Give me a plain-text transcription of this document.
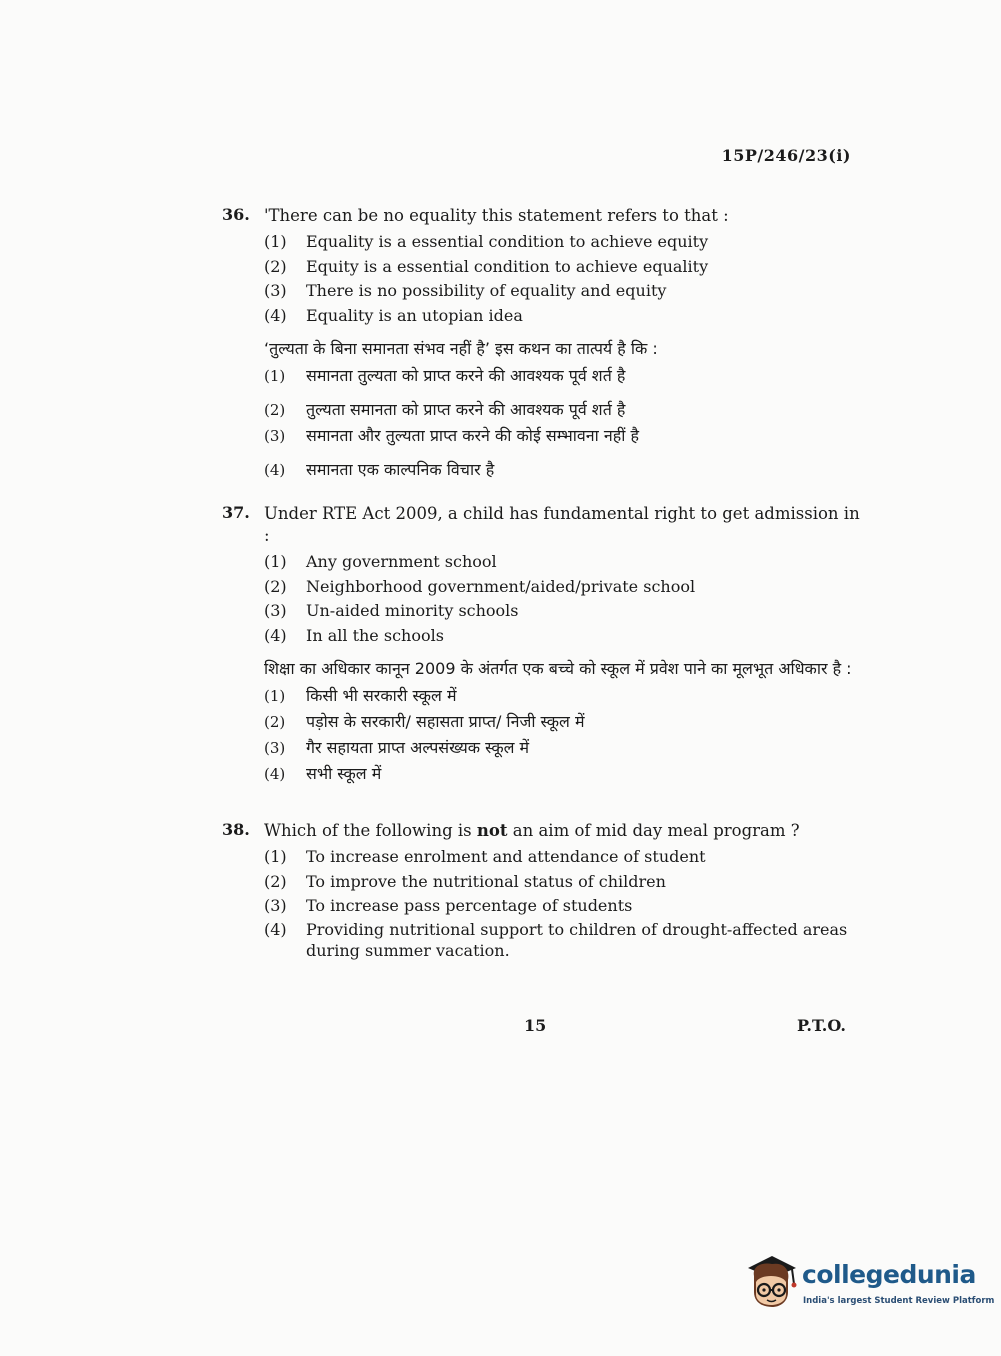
15P/246/23(i)
36. 'There can be no equality this statement refers to that :
(1)	Equality is a essential condition to achieve equity
(2)	Equity is a essential condition to achieve equality
(3)	There is no possibility of equality and equity
(4)	Equality is an utopian idea
‘तुल्यता के बिना समानता संभव नहीं है’ इस कथन का तात्पर्य है कि :
(1)	समानता तुल्यता को प्राप्त करने की आवश्यक पूर्व शर्त है
(2)	तुल्यता समानता को प्राप्त करने की आवश्यक पूर्व शर्त है
(3)	समानता और तुल्यता प्राप्त करने की कोई सम्भावना नहीं है
(4)	समानता एक काल्पनिक विचार है
37. Under RTE Act 2009, a child has fundamental right to get admission in :
(1)	Any government school
(2)	Neighborhood government/aided/private school
(3)	Un-aided minority schools
(4)	In all the schools
शिक्षा का अधिकार कानून 2009 के अंतर्गत एक बच्चे को स्कूल में प्रवेश पाने का मूलभूत अधिकार है :
(1)	किसी भी सरकारी स्कूल में
(2)	पड़ोस के सरकारी/ सहासता प्राप्त/ निजी स्कूल में
(3)	गैर सहायता प्राप्त अल्पसंख्यक स्कूल में
(4)	सभी स्कूल में
38. Which of the following is not an aim of mid day meal program ?
(1)	To increase enrolment and attendance of student
(2)	To improve the nutritional status of children
(3)	To increase pass percentage of students
(4)	Providing nutritional support to children of drought-affected areas during summer vacation.
15	P.T.O.
collegedunia
India's largest Student Review Platform
